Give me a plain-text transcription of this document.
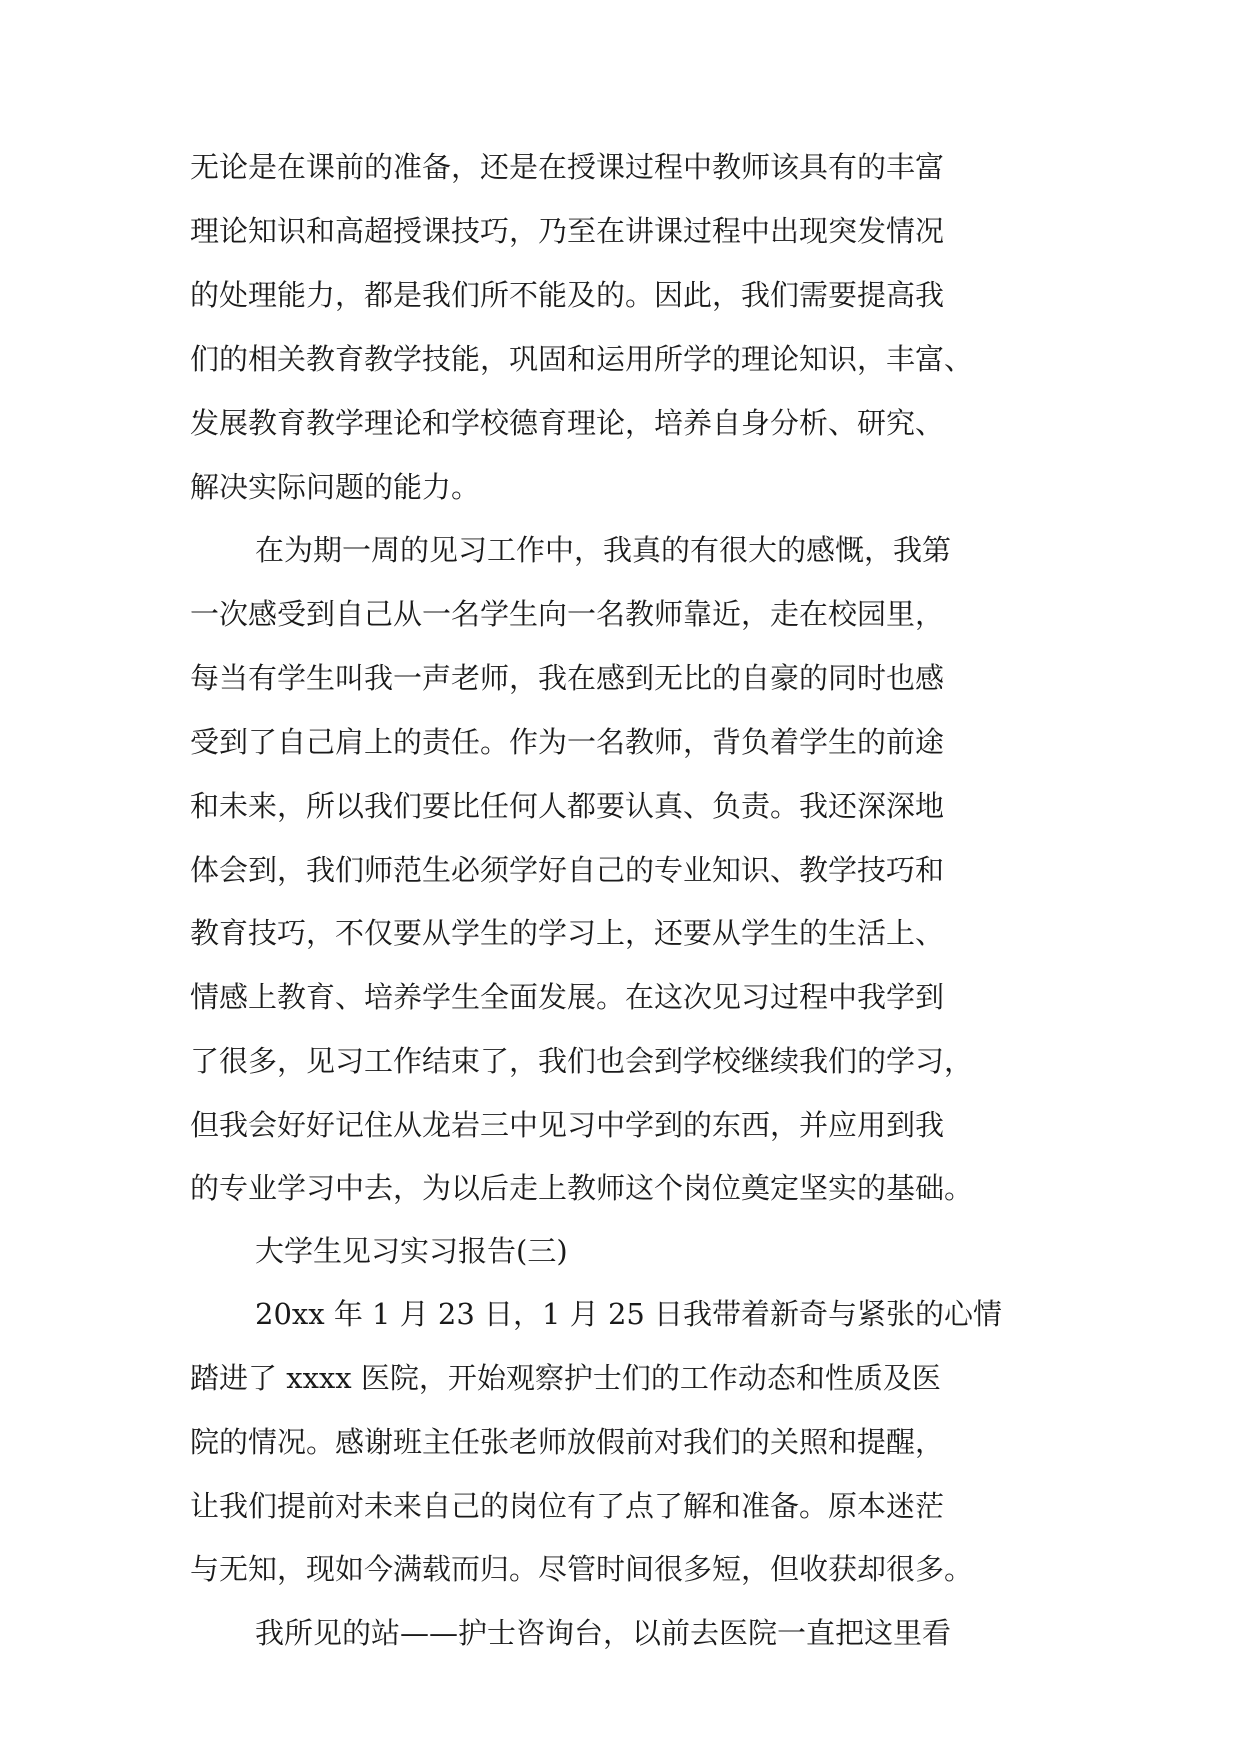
无论是在课前的准备，还是在授课过程中教师该具有的丰富
理论知识和高超授课技巧，乃至在讲课过程中出现突发情况
的处理能力，都是我们所不能及的。因此，我们需要提高我
们的相关教育教学技能，巩固和运用所学的理论知识，丰富、
发展教育教学理论和学校德育理论，培养自身分析、研究、
解决实际问题的能力。
在为期一周的见习工作中，我真的有很大的感慨，我第
一次感受到自己从一名学生向一名教师靠近，走在校园里，
每当有学生叫我一声老师，我在感到无比的自豪的同时也感
受到了自己肩上的责任。作为一名教师，背负着学生的前途
和未来，所以我们要比任何人都要认真、负责。我还深深地
体会到，我们师范生必须学好自己的专业知识、教学技巧和
教育技巧，不仅要从学生的学习上，还要从学生的生活上、
情感上教育、培养学生全面发展。在这次见习过程中我学到
了很多，见习工作结束了，我们也会到学校继续我们的学习，
但我会好好记住从龙岩三中见习中学到的东西，并应用到我
的专业学习中去，为以后走上教师这个岗位奠定坚实的基础。
大学生见习实习报告(三)
20xx 年 1 月 23 日，1 月 25 日我带着新奇与紧张的心情
踏进了 xxxx 医院，开始观察护士们的工作动态和性质及医
院的情况。感谢班主任张老师放假前对我们的关照和提醒，
让我们提前对未来自己的岗位有了点了解和准备。原本迷茫
与无知，现如今满载而归。尽管时间很多短，但收获却很多。
我所见的站——护士咨询台，以前去医院一直把这里看
